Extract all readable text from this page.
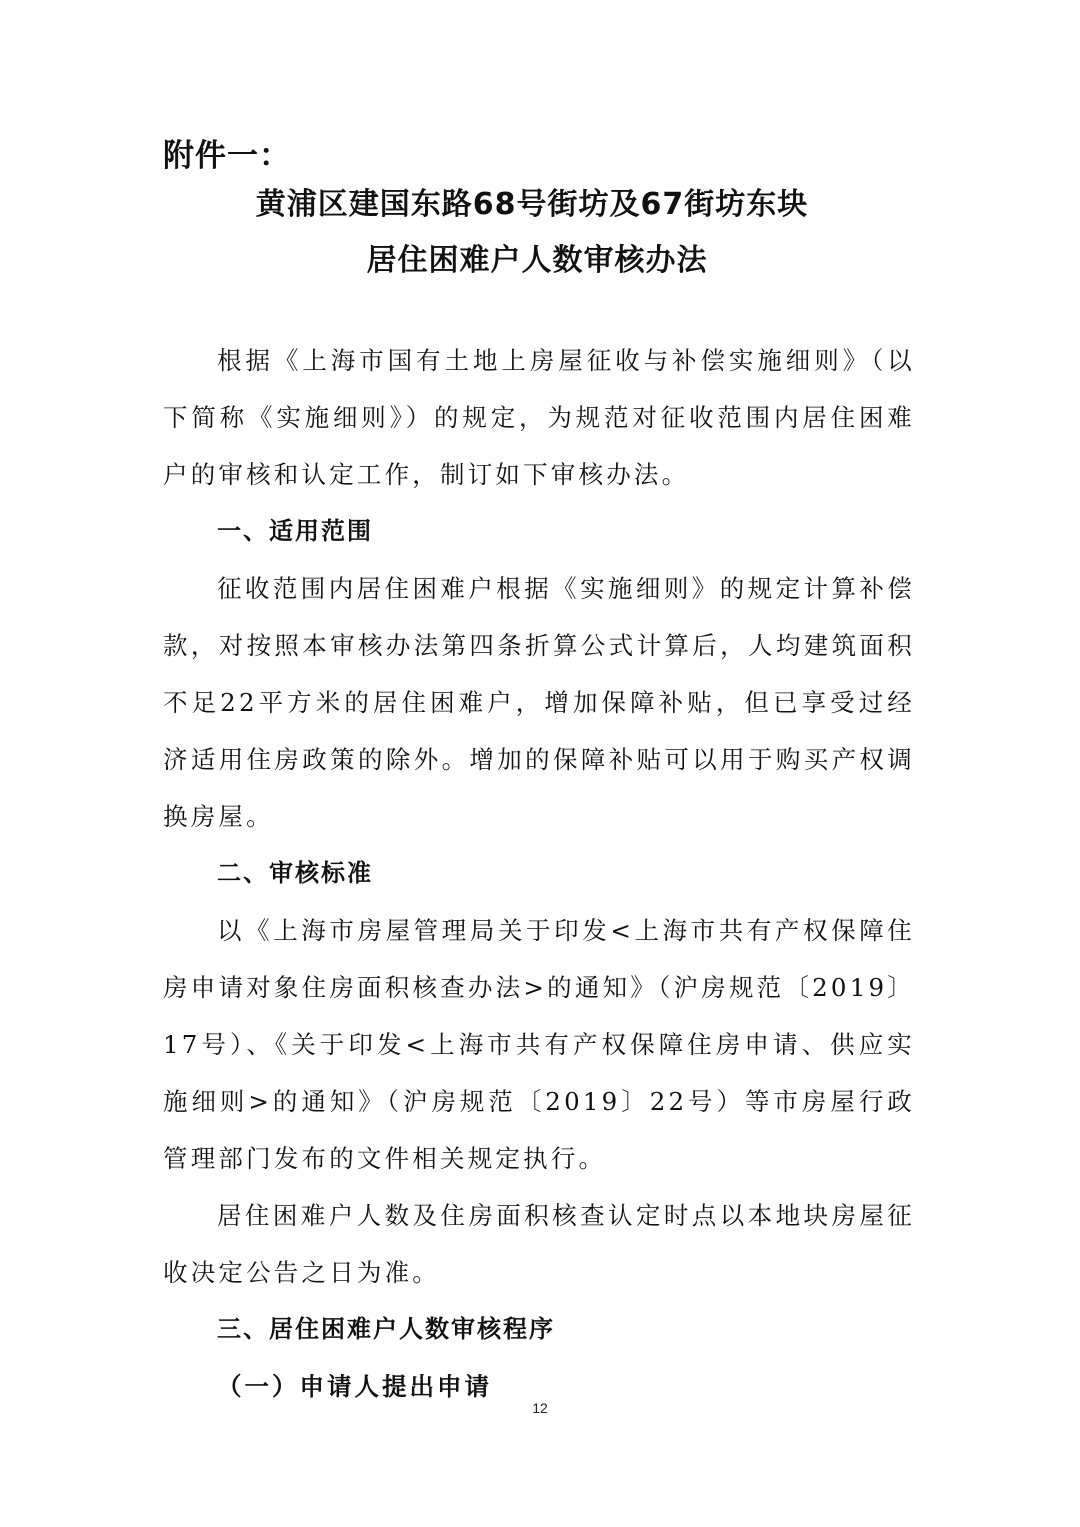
附件一：
黄浦区建国东路68号街坊及67街坊东块
居住困难户人数审核办法

根据《上海市国有土地上房屋征收与补偿实施细则》（以下简称《实施细则》）的规定，为规范对征收范围内居住困难户的审核和认定工作，制订如下审核办法。

一、适用范围

征收范围内居住困难户根据《实施细则》的规定计算补偿款，对按照本审核办法第四条折算公式计算后，人均建筑面积不足22平方米的居住困难户，增加保障补贴，但已享受过经济适用住房政策的除外。增加的保障补贴可以用于购买产权调换房屋。

二、审核标准

以《上海市房屋管理局关于印发<上海市共有产权保障住房申请对象住房面积核查办法>的通知》（沪房规范〔2019〕17号）、《关于印发<上海市共有产权保障住房申请、供应实施细则>的通知》（沪房规范〔2019〕22号）等市房屋行政管理部门发布的文件相关规定执行。

居住困难户人数及住房面积核查认定时点以本地块房屋征收决定公告之日为准。

三、居住困难户人数审核程序
（一）申请人提出申请
12
